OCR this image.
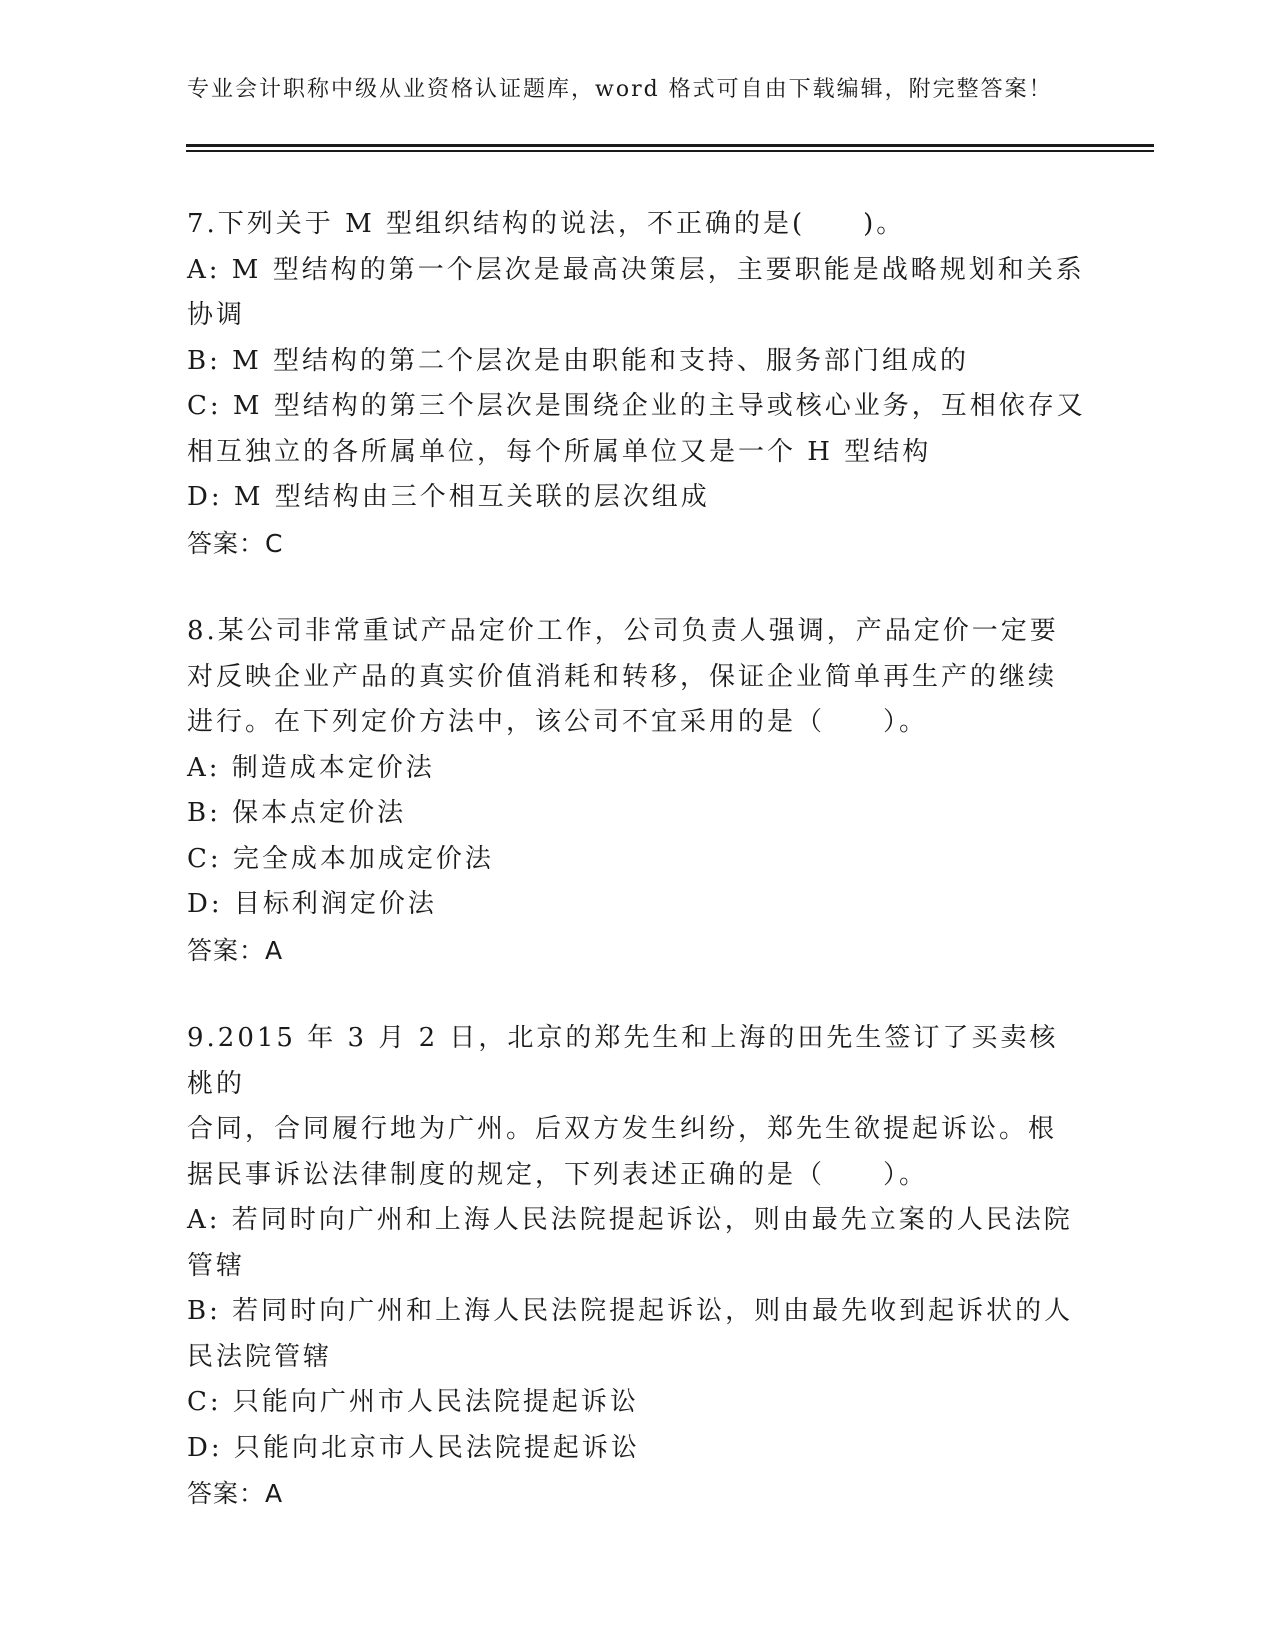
专业会计职称中级从业资格认证题库，word 格式可自由下载编辑，附完整答案！
7.下列关于 M 型组织结构的说法，不正确的是(　　)。
A: M 型结构的第一个层次是最高决策层，主要职能是战略规划和关系
协调
B: M 型结构的第二个层次是由职能和支持、服务部门组成的
C: M 型结构的第三个层次是围绕企业的主导或核心业务，互相依存又
相互独立的各所属单位，每个所属单位又是一个 H 型结构
D: M 型结构由三个相互关联的层次组成
答案：C
8.某公司非常重试产品定价工作，公司负责人强调，产品定价一定要
对反映企业产品的真实价值消耗和转移，保证企业简单再生产的继续
进行。在下列定价方法中，该公司不宜采用的是（　　）。
A: 制造成本定价法
B: 保本点定价法
C: 完全成本加成定价法
D: 目标利润定价法
答案：A
9.2015 年 3 月 2 日，北京的郑先生和上海的田先生签订了买卖核桃的
合同，合同履行地为广州。后双方发生纠纷，郑先生欲提起诉讼。根
据民事诉讼法律制度的规定，下列表述正确的是（　　）。
A: 若同时向广州和上海人民法院提起诉讼，则由最先立案的人民法院
管辖
B: 若同时向广州和上海人民法院提起诉讼，则由最先收到起诉状的人
民法院管辖
C: 只能向广州市人民法院提起诉讼
D: 只能向北京市人民法院提起诉讼
答案：A
